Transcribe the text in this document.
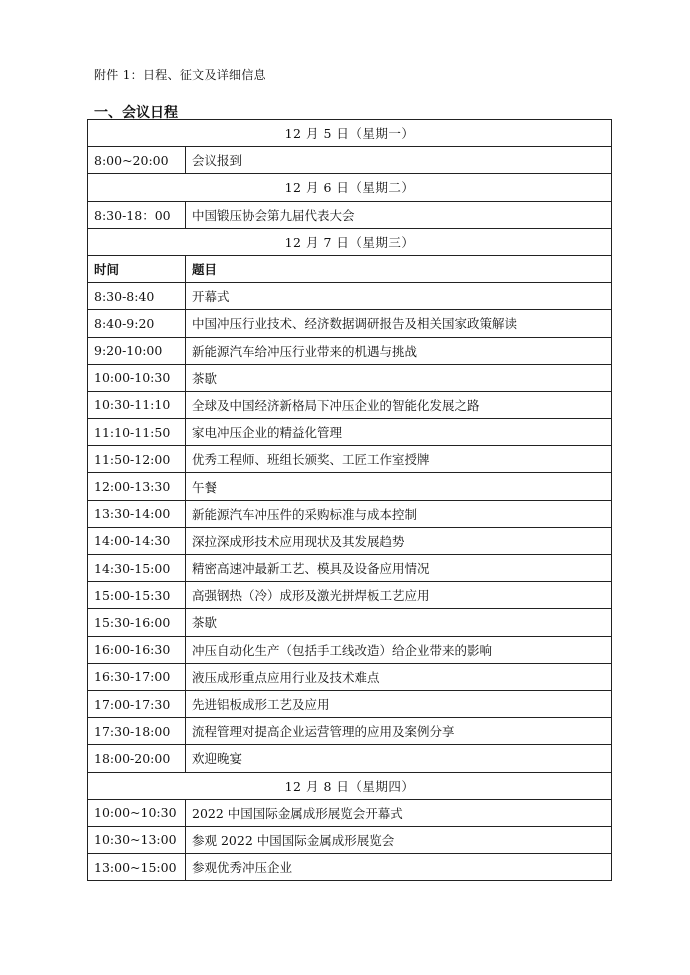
附件 1：日程、征文及详细信息
一、会议日程
12 月 5 日（星期一）	
8:00~20:00	会议报到
12 月 6 日（星期二）	
8:30-18：00	中国锻压协会第九届代表大会
12 月 7 日（星期三）	
时间	题目
8:30-8:40	开幕式
8:40-9:20	中国冲压行业技术、经济数据调研报告及相关国家政策解读
9:20-10:00	新能源汽车给冲压行业带来的机遇与挑战
10:00-10:30	茶歇
10:30-11:10	全球及中国经济新格局下冲压企业的智能化发展之路
11:10-11:50	家电冲压企业的精益化管理
11:50-12:00	优秀工程师、班组长颁奖、工匠工作室授牌
12:00-13:30	午餐
13:30-14:00	新能源汽车冲压件的采购标准与成本控制
14:00-14:30	深拉深成形技术应用现状及其发展趋势
14:30-15:00	精密高速冲最新工艺、模具及设备应用情况
15:00-15:30	高强钢热（冷）成形及激光拼焊板工艺应用
15:30-16:00	茶歇
16:00-16:30	冲压自动化生产（包括手工线改造）给企业带来的影响
16:30-17:00	液压成形重点应用行业及技术难点
17:00-17:30	先进铝板成形工艺及应用
17:30-18:00	流程管理对提高企业运营管理的应用及案例分享
18:00-20:00	欢迎晚宴
12 月 8 日（星期四）	
10:00~10:30	2022 中国国际金属成形展览会开幕式
10:30~13:00	参观 2022 中国国际金属成形展览会
13:00~15:00	参观优秀冲压企业
